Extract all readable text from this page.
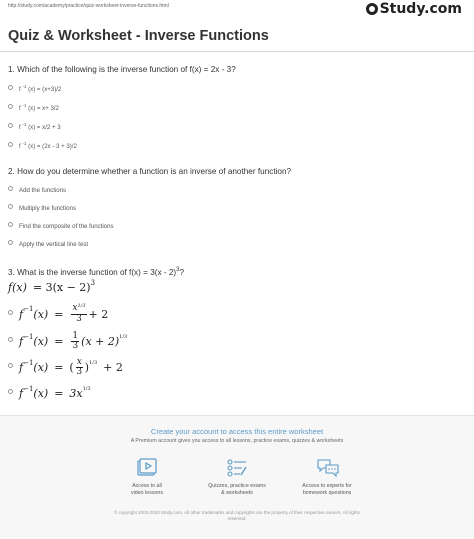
http://study.com/academy/practice/quiz-worksheet-inverse-functions.html	Study.com
Quiz & Worksheet - Inverse Functions
1. Which of the following is the inverse function of f(x) = 2x - 3?
f
-1
(x) = (x+3)/2
f
-1
(x) = x+ 3/2
f
-1
(x) = x/2 + 3
f
-1
(x) = (2x - 3 + 3)/2
2. How do you determine whether a function is an inverse of another function?
Add the functions
Multiply the functions
Find the composite of the functions
Apply the vertical line test
3. What is the inverse function of f(x) = 3(x - 2)$^3$?
f(x) = 3(x − 2) 3
f −1 $(x) = \frac{x^{1/3}}{3} + 2$
f −1 $(x) = \frac{1}{3} (x + 2)$ 1/3
f −1 (x) = ( $\frac{x}{3}$ ) 1/3 + 2
f −1 (x) = 3x 1/3
Create your account to access this entire worksheet
A Premium account gives you access to all lessons, practice exams, quizzes & worksheets
Access to all
video lessons
Quizzes, practice exams
& worksheets
Access to experts for
homework questions
© copyright 2003-2020 Study.com. All other trademarks and copyrights are the property of their respective owners. All rights
reserved.
